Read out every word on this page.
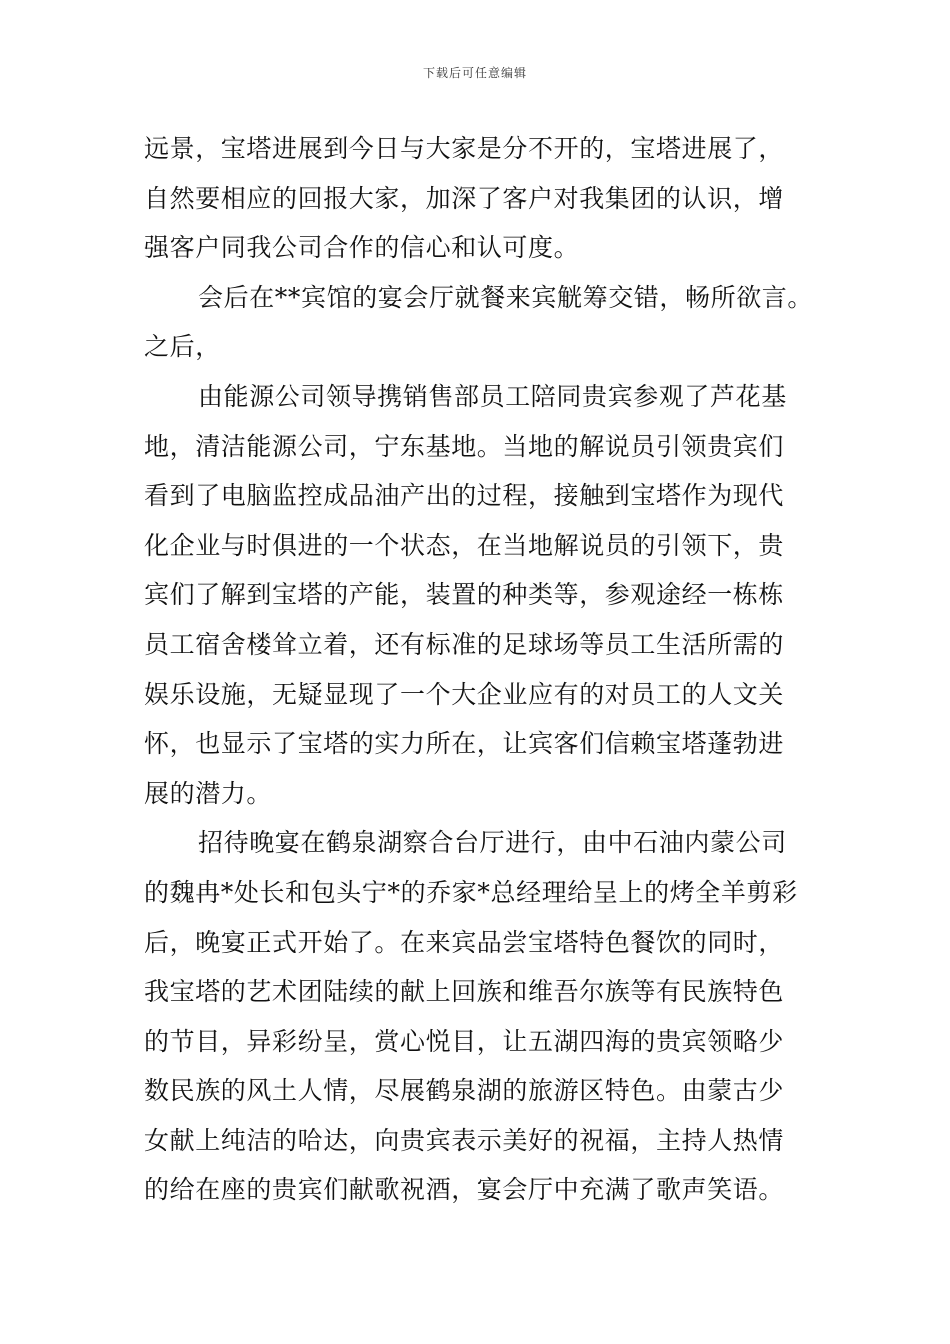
下载后可任意编辑
远景，宝塔进展到今日与大家是分不开的，宝塔进展了，
自然要相应的回报大家，加深了客户对我集团的认识，增
强客户同我公司合作的信心和认可度。
会后在**宾馆的宴会厅就餐来宾觥筹交错，畅所欲言。
之后，
由能源公司领导携销售部员工陪同贵宾参观了芦花基
地，清洁能源公司，宁东基地。当地的解说员引领贵宾们
看到了电脑监控成品油产出的过程，接触到宝塔作为现代
化企业与时俱进的一个状态，在当地解说员的引领下，贵
宾们了解到宝塔的产能，装置的种类等，参观途经一栋栋
员工宿舍楼耸立着，还有标准的足球场等员工生活所需的
娱乐设施，无疑显现了一个大企业应有的对员工的人文关
怀，也显示了宝塔的实力所在，让宾客们信赖宝塔蓬勃进
展的潜力。
招待晚宴在鹤泉湖察合台厅进行，由中石油内蒙公司
的魏冉*处长和包头宁*的乔家*总经理给呈上的烤全羊剪彩
后，晚宴正式开始了。在来宾品尝宝塔特色餐饮的同时，
我宝塔的艺术团陆续的献上回族和维吾尔族等有民族特色
的节目，异彩纷呈，赏心悦目，让五湖四海的贵宾领略少
数民族的风土人情，尽展鹤泉湖的旅游区特色。由蒙古少
女献上纯洁的哈达，向贵宾表示美好的祝福，主持人热情
的给在座的贵宾们献歌祝酒，宴会厅中充满了歌声笑语。
